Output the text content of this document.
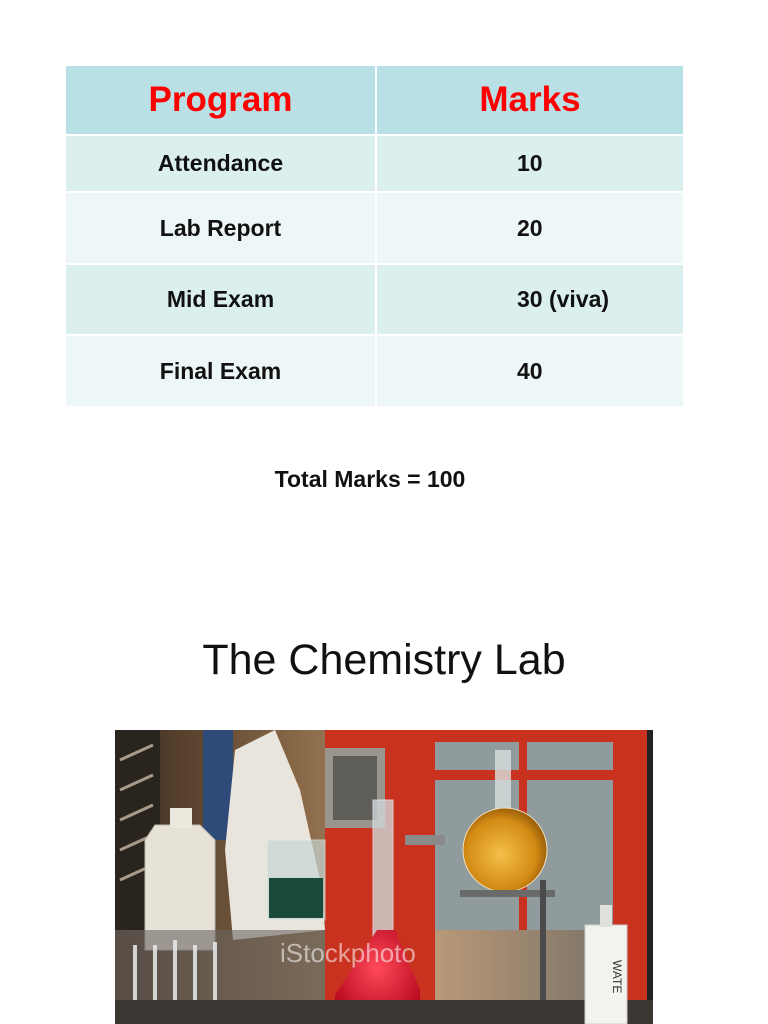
Program	Marks
Attendance	10
Lab Report	20
Mid Exam	30 (viva)
Final Exam	40
Total Marks = 100
The Chemistry Lab
WATE
iStockphoto
